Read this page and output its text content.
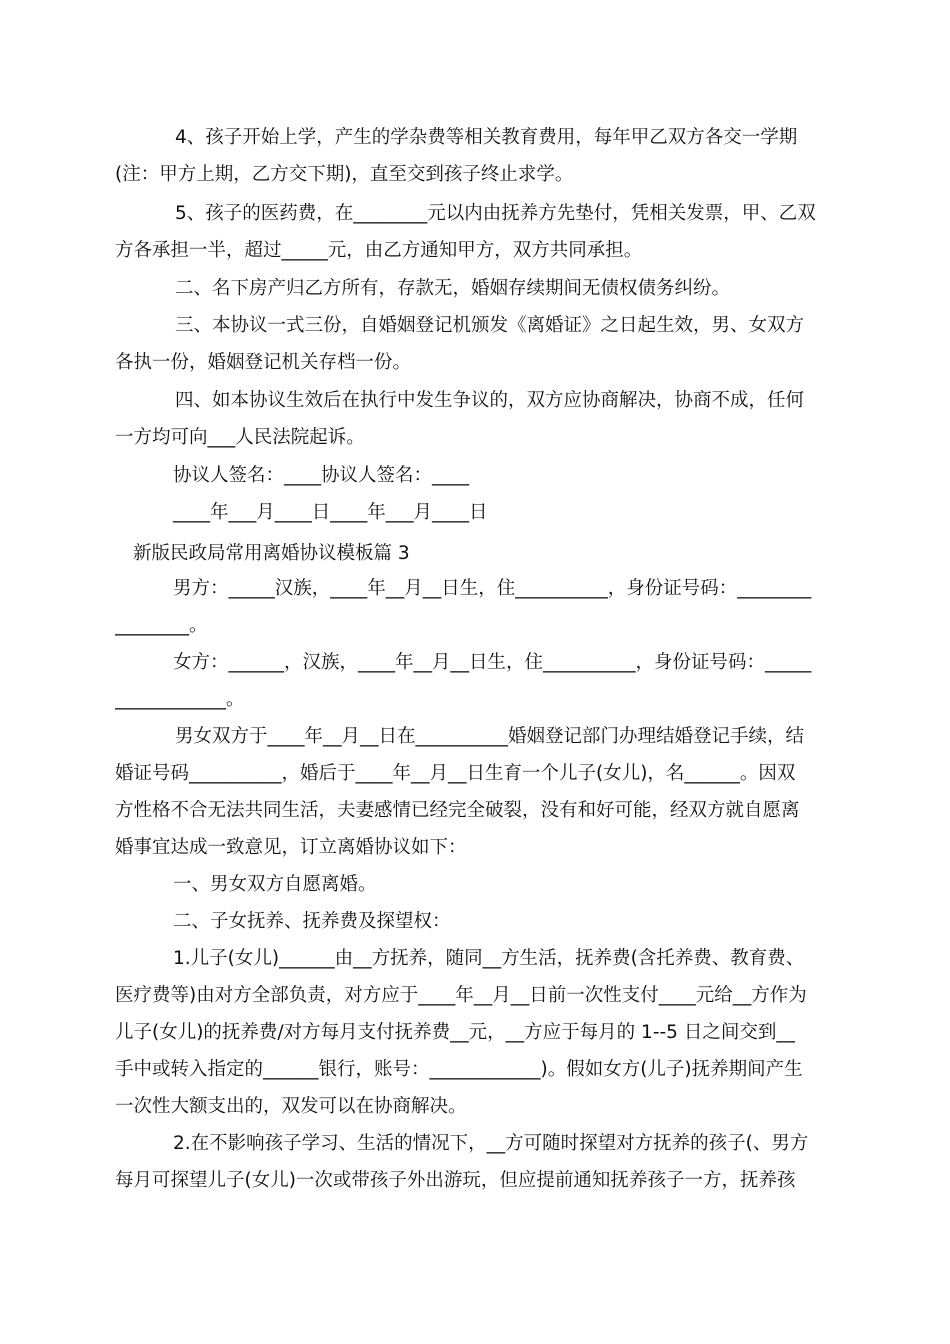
4、孩子开始上学，产生的学杂费等相关教育费用，每年甲乙双方各交一学期
(注：甲方上期，乙方交下期)，直至交到孩子终止求学。
5、孩子的医药费，在________元以内由抚养方先垫付，凭相关发票，甲、乙双
方各承担一半，超过_____元，由乙方通知甲方，双方共同承担。
二、名下房产归乙方所有，存款无，婚姻存续期间无债权债务纠纷。
三、本协议一式三份，自婚姻登记机颁发《离婚证》之日起生效，男、女双方
各执一份，婚姻登记机关存档一份。
四、如本协议生效后在执行中发生争议的，双方应协商解决，协商不成，任何
一方均可向___人民法院起诉。
协议人签名：____协议人签名：____
____年___月____日____年___月____日
新版民政局常用离婚协议模板篇 3
男方：_____汉族，____年__月__日生，住__________，身份证号码：________
________。
女方：______，汉族，____年__月__日生，住__________，身份证号码：_____
____________。
男女双方于____年__月__日在__________婚姻登记部门办理结婚登记手续，结
婚证号码__________，婚后于____年__月__日生育一个儿子(女儿)，名______。因双
方性格不合无法共同生活，夫妻感情已经完全破裂，没有和好可能，经双方就自愿离
婚事宜达成一致意见，订立离婚协议如下：
一、男女双方自愿离婚。
二、子女抚养、抚养费及探望权：
1.儿子(女儿)______由__方抚养，随同__方生活，抚养费(含托养费、教育费、
医疗费等)由对方全部负责，对方应于____年__月__日前一次性支付____元给__方作为
儿子(女儿)的抚养费/对方每月支付抚养费__元，__方应于每月的 1--5 日之间交到__
手中或转入指定的______银行，账号：____________)。假如女方(儿子)抚养期间产生
一次性大额支出的，双发可以在协商解决。
2.在不影响孩子学习、生活的情况下，__方可随时探望对方抚养的孩子(、男方
每月可探望儿子(女儿)一次或带孩子外出游玩，但应提前通知抚养孩子一方，抚养孩
